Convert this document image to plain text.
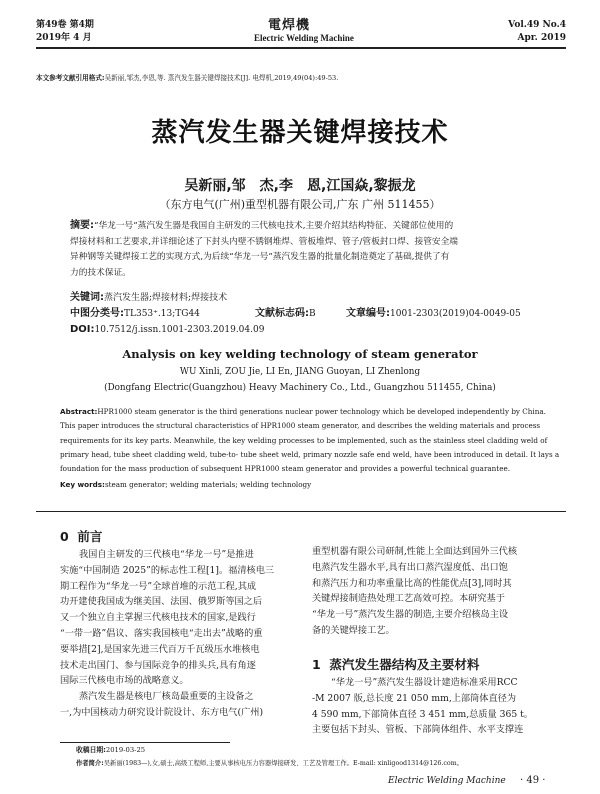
第49卷 第4期
2019年 4 月
電焊機
Electric Welding Machine
Vol.49 No.4
Apr. 2019
本文参考文献引用格式:吴新丽,邹杰,李恩,等. 蒸汽发生器关键焊接技术[J]. 电焊机,2019,49(04):49-53.
蒸汽发生器关键焊接技术
吴新丽,邹　杰,李　恩,江国焱,黎振龙
（东方电气(广州)重型机器有限公司,广东 广州 511455）
摘要:“华龙一号”蒸汽发生器是我国自主研发的三代核电技术,主要介绍其结构特征、关键部位使用的
焊接材料和工艺要求,并详细论述了下封头内壁不锈钢堆焊、管板堆焊、管子/管板封口焊、接管安全端
异种钢等关键焊接工艺的实现方式,为后续“华龙一号”蒸汽发生器的批量化制造奠定了基础,提供了有
力的技术保证。
关键词:蒸汽发生器;焊接材料;焊接技术
中图分类号:TL353⁺.13;TG44	文献标志码:B	文章编号:1001-2303(2019)04-0049-05
DOI:10.7512/j.issn.1001-2303.2019.04.09
Analysis on key welding technology of steam generator
WU Xinli, ZOU Jie, LI En, JIANG Guoyan, LI Zhenlong
(Dongfang Electric(Guangzhou) Heavy Machinery Co., Ltd., Guangzhou 511455, China)
Abstract:HPR1000 steam generator is the third generations nuclear power technology which be developed independently by China.
This paper introduces the structural characteristics of HPR1000 steam generator, and describes the welding materials and process
requirements for its key parts. Meanwhile, the key welding processes to be implemented, such as the stainless steel cladding weld of
primary head, tube sheet cladding weld, tube-to- tube sheet weld, primary nozzle safe end weld, have been introduced in detail. It lays a
foundation for the mass production of subsequent HPR1000 steam generator and provides a powerful technical guarantee.
Key words:steam generator; welding materials; welding technology
0 前言
我国自主研发的三代核电“华龙一号”是推进
实施“中国制造 2025”的标志性工程[1]。福清核电三
期工程作为“华龙一号”全球首堆的示范工程,其成
功开建使我国成为继美国、法国、俄罗斯等国之后
又一个独立自主掌握三代核电技术的国家,是践行
“一带一路”倡议、落实我国核电“走出去”战略的重
要举措[2],是国家先进三代百万千瓦级压水堆核电
技术走出国门、参与国际竞争的排头兵,具有角逐
国际三代核电市场的战略意义。
蒸汽发生器是核电厂核岛最重要的主设备之
一,为中国核动力研究设计院设计、东方电气(广州)
重型机器有限公司研制,性能上全面达到国外三代核
电蒸汽发生器水平,具有出口蒸汽湿度低、出口饱
和蒸汽压力和功率重量比高的性能优点[3],同时其
关键焊接制造热处理工艺高效可控。本研究基于
“华龙一号”蒸汽发生器的制造,主要介绍核岛主设
备的关键焊接工艺。
1 蒸汽发生器结构及主要材料
“华龙一号”蒸汽发生器设计建造标准采用RCC
-M 2007 版,总长度 21 050 mm,上部筒体直径为
4 590 mm,下部筒体直径 3 451 mm,总质量 365 t。
主要包括下封头、管板、下部筒体组件、水平支撑连
收稿日期:2019-03-25
作者简介:吴新丽(1983—),女,硕士,高级工程师,主要从事核电压力容器焊接研发、工艺及管理工作。E-mail: xinligood1314@126.com。
Electric Welding Machine · 49 ·
